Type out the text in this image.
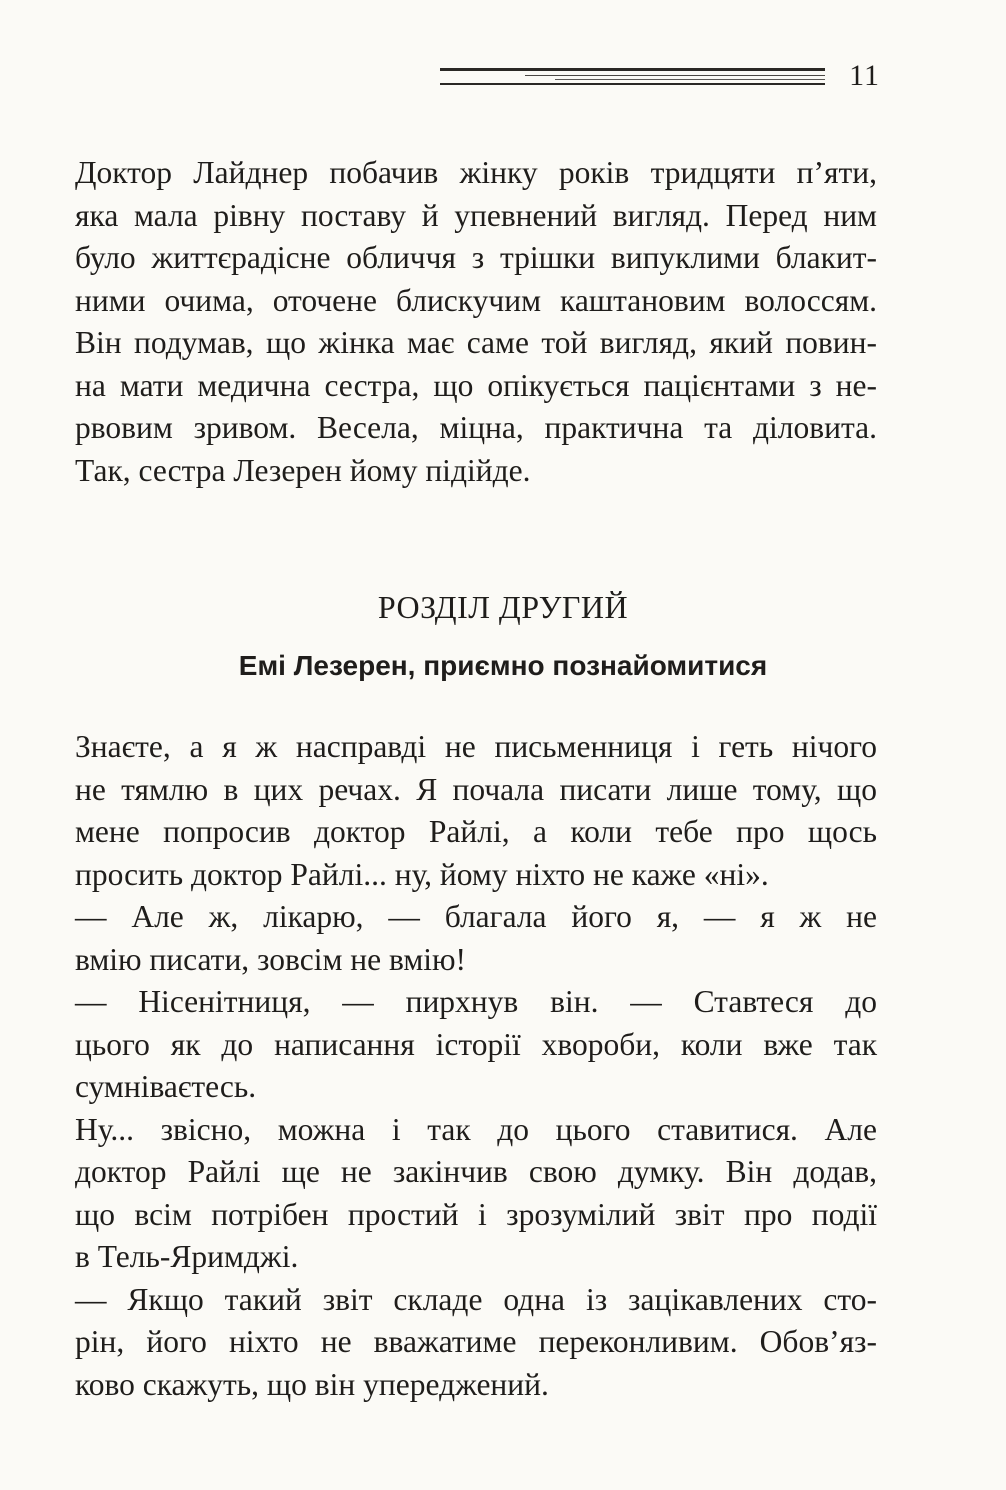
11
Доктор Лайднер побачив жінку років тридцяти п’яти,
яка мала рівну поставу й упевнений вигляд. Перед ним
було життєрадісне обличчя з трішки випуклими блакит-
ними очима, оточене блискучим каштановим волоссям.
Він подумав, що жінка має саме той вигляд, який повин-
на мати медична сестра, що опікується пацієнтами з не-
рвовим зривом. Весела, міцна, практична та діловита.
Так, сестра Лезерен йому підійде.
РОЗДІЛ ДРУГИЙ
Емі Лезерен, приємно познайомитися
Знаєте, а я ж насправді не письменниця і геть нічого
не тямлю в цих речах. Я почала писати лише тому, що
мене попросив доктор Райлі, а коли тебе про щось
просить доктор Райлі... ну, йому ніхто не каже «ні».
— Але ж, лікарю, — благала його я, — я ж не
вмію писати, зовсім не вмію!
— Нісенітниця, — пирхнув він. — Ставтеся до
цього як до написання історії хвороби, коли вже так
сумніваєтесь.
Ну... звісно, можна і так до цього ставитися. Але
доктор Райлі ще не закінчив свою думку. Він додав,
що всім потрібен простий і зрозумілий звіт про події
в Тель-Яримджі.
— Якщо такий звіт складе одна із зацікавлених сто-
рін, його ніхто не вважатиме переконливим. Обов’яз-
ково скажуть, що він упереджений.
